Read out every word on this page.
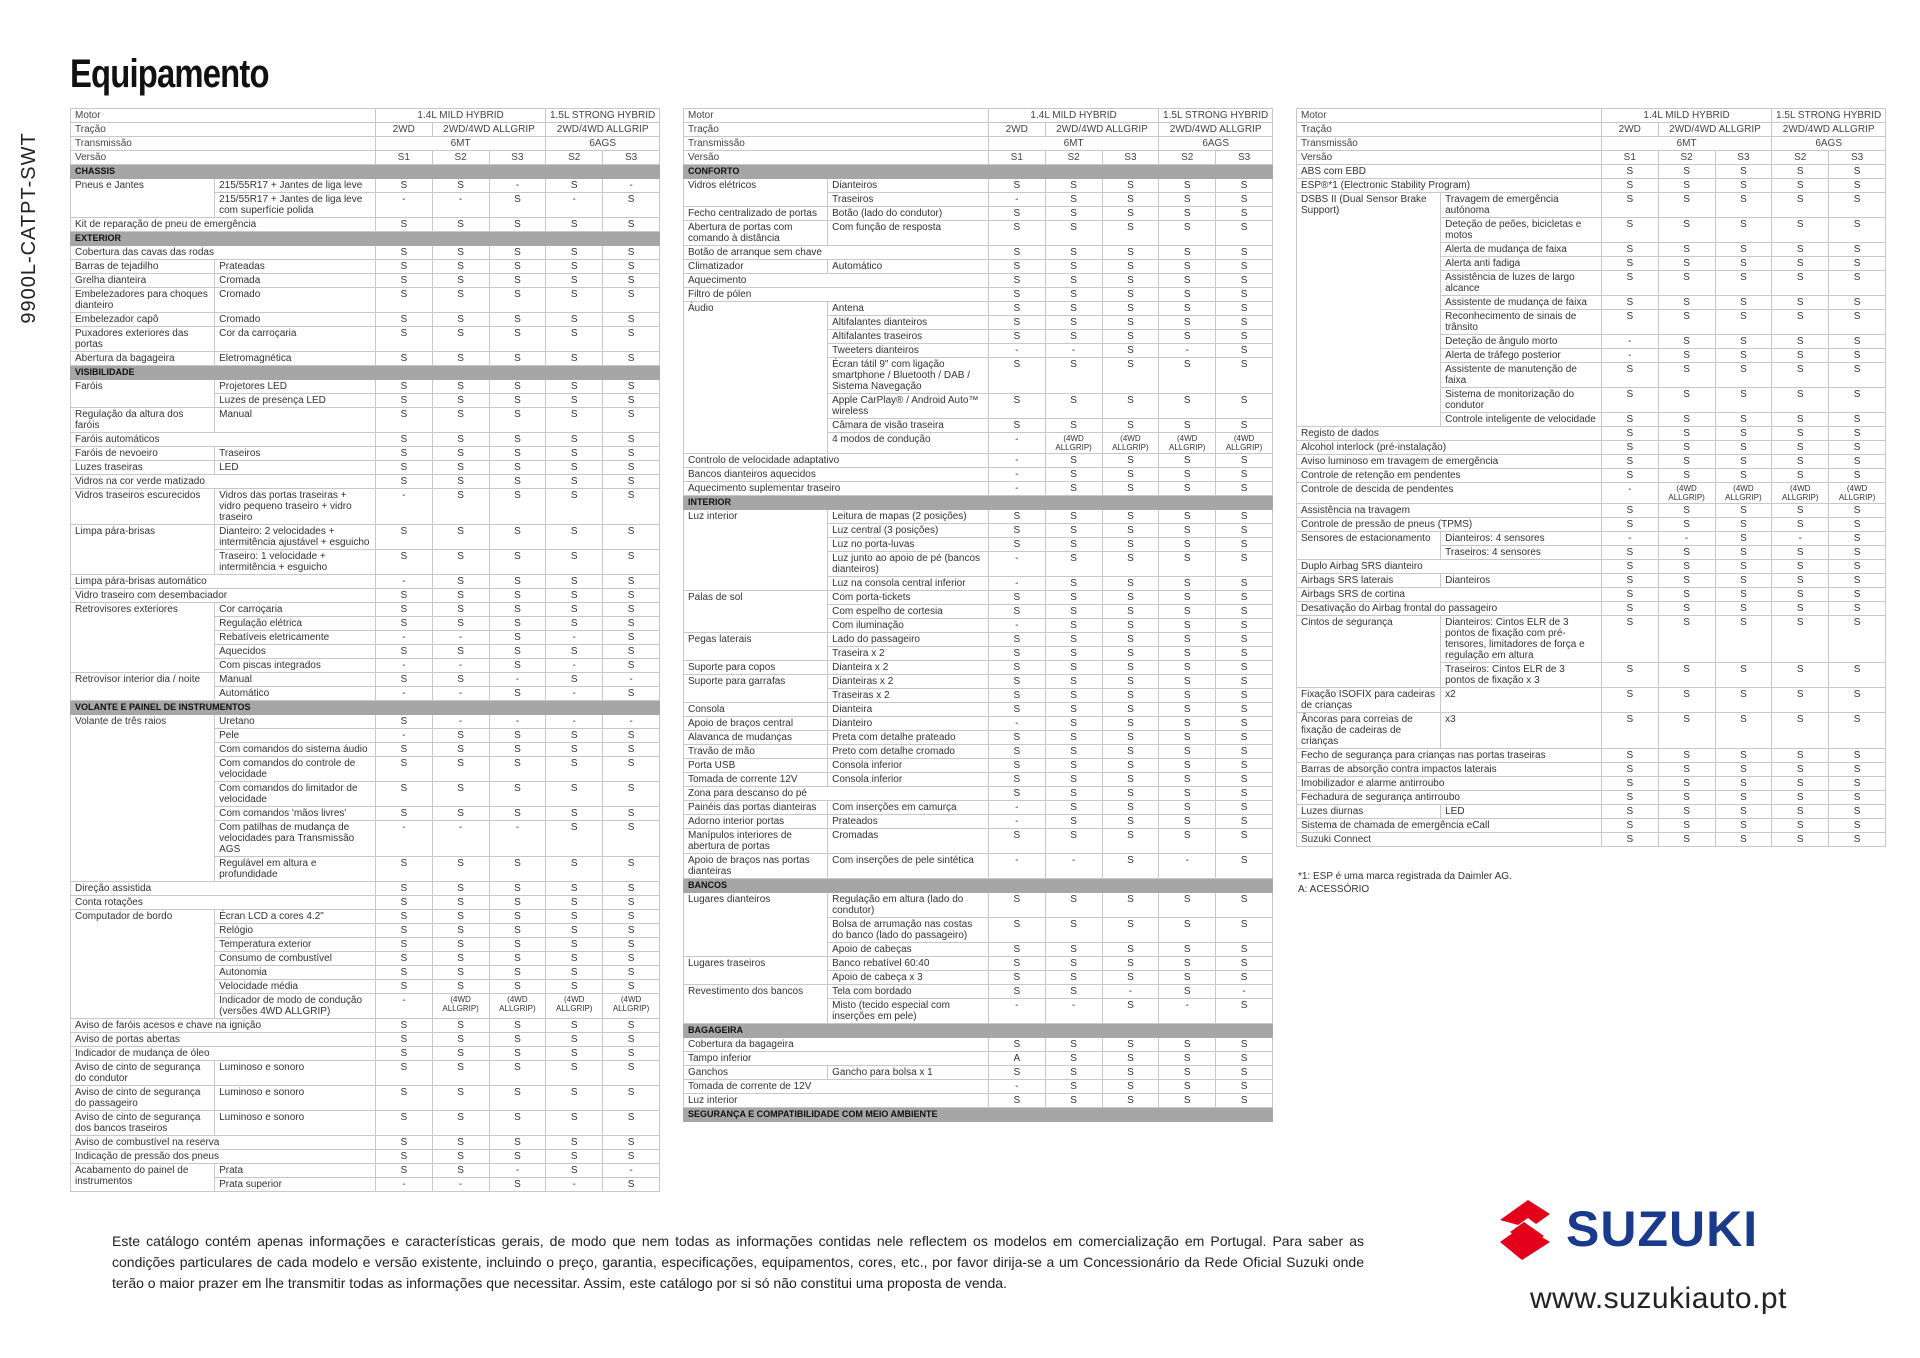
9900L-CATPT-SWT
Equipamento
Motor		1.4L MILD HYBRID			1.5L STRONG HYBRID	
Tração		2WD	2WD/4WD ALLGRIP		2WD/4WD ALLGRIP	
Transmissão		6MT			6AGS	
Versão		S1	S2	S3	S2	S3
CHASSIS						
Pneus e Jantes	215/55R17 + Jantes de liga leve	S	S	-	S	-
	215/55R17 + Jantes de liga leve com superfície polida	-	-	S	-	S
Kit de reparação de pneu de emergência		S	S	S	S	S
EXTERIOR						
Cobertura das cavas das rodas		S	S	S	S	S
Barras de tejadilho	Prateadas	S	S	S	S	S
Grelha dianteira	Cromada	S	S	S	S	S
Embelezadores para choques dianteiro	Cromado	S	S	S	S	S
Embelezador capô	Cromado	S	S	S	S	S
Puxadores exteriores das portas	Cor da carroçaria	S	S	S	S	S
Abertura da bagageira	Eletromagnética	S	S	S	S	S
VISIBILIDADE						
Faróis	Projetores LED	S	S	S	S	S
	Luzes de presença LED	S	S	S	S	S
Regulação da altura dos faróis	Manual	S	S	S	S	S
Faróis automáticos		S	S	S	S	S
Faróis de nevoeiro	Traseiros	S	S	S	S	S
Luzes traseiras	LED	S	S	S	S	S
Vidros na cor verde matizado		S	S	S	S	S
Vidros traseiros escurecidos	Vidros das portas traseiras + vidro pequeno traseiro + vidro traseiro	-	S	S	S	S
Limpa pára-brisas	Dianteiro: 2 velocidades + intermitência ajustável + esguicho	S	S	S	S	S
	Traseiro: 1 velocidade + intermitência + esguicho	S	S	S	S	S
Limpa pára-brisas automático		-	S	S	S	S
Vidro traseiro com desembaciador		S	S	S	S	S
Retrovisores exteriores	Cor carroçaria	S	S	S	S	S
	Regulação elétrica	S	S	S	S	S
	Rebatíveis eletricamente	-	-	S	-	S
	Aquecidos	S	S	S	S	S
	Com piscas integrados	-	-	S	-	S
Retrovisor interior dia / noite	Manual	S	S	-	S	-
	Automático	-	-	S	-	S
VOLANTE E PAINEL DE INSTRUMENTOS						
Volante de três raios	Uretano	S	-	-	-	-
	Pele	-	S	S	S	S
	Com comandos do sistema áudio	S	S	S	S	S
	Com comandos do controle de velocidade	S	S	S	S	S
	Com comandos do limitador de velocidade	S	S	S	S	S
	Com comandos 'mãos livres'	S	S	S	S	S
	Com patilhas de mudança de velocidades para Transmissão AGS	-	-	-	S	S
	Regulável em altura e profundidade	S	S	S	S	S
Direção assistida		S	S	S	S	S
Conta rotações		S	S	S	S	S
Computador de bordo	Écran LCD a cores 4.2"	S	S	S	S	S
	Relógio	S	S	S	S	S
	Temperatura exterior	S	S	S	S	S
	Consumo de combustível	S	S	S	S	S
	Autonomia	S	S	S	S	S
	Velocidade média	S	S	S	S	S
	Indicador de modo de condução (versões 4WD ALLGRIP)	-	(4WD ALLGRIP)	(4WD ALLGRIP)	(4WD ALLGRIP)	(4WD ALLGRIP)
Aviso de faróis acesos e chave na ignição		S	S	S	S	S
Aviso de portas abertas		S	S	S	S	S
Indicador de mudança de óleo		S	S	S	S	S
Aviso de cinto de segurança do condutor	Luminoso e sonoro	S	S	S	S	S
Aviso de cinto de segurança do passageiro	Luminoso e sonoro	S	S	S	S	S
Aviso de cinto de segurança dos bancos traseiros	Luminoso e sonoro	S	S	S	S	S
Aviso de combustível na reserva		S	S	S	S	S
Indicação de pressão dos pneus		S	S	S	S	S
Acabamento do painel de instrumentos	Prata	S	S	-	S	-
	Prata superior	-	-	S	-	S
Motor		1.4L MILD HYBRID			1.5L STRONG HYBRID	
Tração		2WD	2WD/4WD ALLGRIP		2WD/4WD ALLGRIP	
Transmissão		6MT			6AGS	
Versão		S1	S2	S3	S2	S3
CONFORTO						
Vidros elétricos	Dianteiros	S	S	S	S	S
	Traseiros	-	S	S	S	S
Fecho centralizado de portas	Botão (lado do condutor)	S	S	S	S	S
Abertura de portas com comando à distância	Com função de resposta	S	S	S	S	S
Botão de arranque sem chave		S	S	S	S	S
Climatizador	Automático	S	S	S	S	S
Aquecimento		S	S	S	S	S
Filtro de pólen		S	S	S	S	S
Áudio	Antena	S	S	S	S	S
	Altifalantes dianteiros	S	S	S	S	S
	Altifalantes traseiros	S	S	S	S	S
	Tweeters dianteiros	-	-	S	-	S
	Écran tátil 9" com ligação smartphone / Bluetooth / DAB / Sistema Navegação	S	S	S	S	S
	Apple CarPlay® / Android Auto™ wireless	S	S	S	S	S
	Câmara de visão traseira	S	S	S	S	S
	4 modos de condução	-	(4WD ALLGRIP)	(4WD ALLGRIP)	(4WD ALLGRIP)	(4WD ALLGRIP)
Controlo de velocidade adaptativo		-	S	S	S	S
Bancos dianteiros aquecidos		-	S	S	S	S
Aquecimento suplementar traseiro		-	S	S	S	S
INTERIOR						
Luz interior	Leitura de mapas (2 posições)	S	S	S	S	S
	Luz central (3 posições)	S	S	S	S	S
	Luz no porta-luvas	S	S	S	S	S
	Luz junto ao apoio de pé (bancos dianteiros)	-	S	S	S	S
	Luz na consola central inferior	-	S	S	S	S
Palas de sol	Com porta-tickets	S	S	S	S	S
	Com espelho de cortesia	S	S	S	S	S
	Com iluminação	-	S	S	S	S
Pegas laterais	Lado do passageiro	S	S	S	S	S
	Traseira x 2	S	S	S	S	S
Suporte para copos	Dianteira x 2	S	S	S	S	S
Suporte para garrafas	Dianteiras x 2	S	S	S	S	S
	Traseiras x 2	S	S	S	S	S
Consola	Dianteira	S	S	S	S	S
Apoio de braços central	Dianteiro	-	S	S	S	S
Alavanca de mudanças	Preta com detalhe prateado	S	S	S	S	S
Travão de mão	Preto com detalhe cromado	S	S	S	S	S
Porta USB	Consola inferior	S	S	S	S	S
Tomada de corrente 12V	Consola inferior	S	S	S	S	S
Zona para descanso do pé		S	S	S	S	S
Painéis das portas dianteiras	Com inserções em camurça	-	S	S	S	S
Adorno interior portas	Prateados	-	S	S	S	S
Manípulos interiores de abertura de portas	Cromadas	S	S	S	S	S
Apoio de braços nas portas dianteiras	Com inserções de pele sintética	-	-	S	-	S
BANCOS						
Lugares dianteiros	Regulação em altura (lado do condutor)	S	S	S	S	S
	Bolsa de arrumação nas costas do banco (lado do passageiro)	S	S	S	S	S
	Apoio de cabeças	S	S	S	S	S
Lugares traseiros	Banco rebatível 60:40	S	S	S	S	S
	Apoio de cabeça x 3	S	S	S	S	S
Revestimento dos bancos	Tela com bordado	S	S	-	S	-
	Misto (tecido especial com inserções em pele)	-	-	S	-	S
BAGAGEIRA						
Cobertura da bagageira		S	S	S	S	S
Tampo inferior		A	S	S	S	S
Ganchos	Gancho para bolsa x 1	S	S	S	S	S
Tomada de corrente de 12V		-	S	S	S	S
Luz interior		S	S	S	S	S
SEGURANÇA E COMPATIBILIDADE COM MEIO AMBIENTE						
Motor		1.4L MILD HYBRID			1.5L STRONG HYBRID	
Tração		2WD	2WD/4WD ALLGRIP		2WD/4WD ALLGRIP	
Transmissão		6MT			6AGS	
Versão		S1	S2	S3	S2	S3
ABS com EBD		S	S	S	S	S
ESP®*1 (Electronic Stability Program)		S	S	S	S	S
DSBS II (Dual Sensor Brake Support)	Travagem de emergência autónoma	S	S	S	S	S
	Deteção de peões, bicicletas e motos	S	S	S	S	S
	Alerta de mudança de faixa	S	S	S	S	S
	Alerta anti fadiga	S	S	S	S	S
	Assistência de luzes de largo alcance	S	S	S	S	S
	Assistente de mudança de faixa	S	S	S	S	S
	Reconhecimento de sinais de trânsito	S	S	S	S	S
	Deteção de ângulo morto	-	S	S	S	S
	Alerta de tráfego posterior	-	S	S	S	S
	Assistente de manutenção de faixa	S	S	S	S	S
	Sistema de monitorização do condutor	S	S	S	S	S
	Controle inteligente de velocidade	S	S	S	S	S
Registo de dados		S	S	S	S	S
Alcohol interlock (pré-instalação)		S	S	S	S	S
Aviso luminoso em travagem de emergência		S	S	S	S	S
Controle de retenção em pendentes		S	S	S	S	S
Controle de descida de pendentes		-	(4WD ALLGRIP)	(4WD ALLGRIP)	(4WD ALLGRIP)	(4WD ALLGRIP)
Assistência na travagem		S	S	S	S	S
Controle de pressão de pneus (TPMS)		S	S	S	S	S
Sensores de estacionamento	Dianteiros: 4 sensores	-	-	S	-	S
	Traseiros: 4 sensores	S	S	S	S	S
Duplo Airbag SRS dianteiro		S	S	S	S	S
Airbags SRS laterais	Dianteiros	S	S	S	S	S
Airbags SRS de cortina		S	S	S	S	S
Desativação do Airbag frontal do passageiro		S	S	S	S	S
Cintos de segurança	Dianteiros: Cintos ELR de 3 pontos de fixação com pré-tensores, limitadores de força e regulação em altura	S	S	S	S	S
	Traseiros: Cintos ELR de 3 pontos de fixação x 3	S	S	S	S	S
Fixação ISOFIX para cadeiras de crianças	x2	S	S	S	S	S
Âncoras para correias de fixação de cadeiras de crianças	x3	S	S	S	S	S
Fecho de segurança para crianças nas portas traseiras		S	S	S	S	S
Barras de absorção contra impactos laterais		S	S	S	S	S
Imobilizador e alarme antirroubo		S	S	S	S	S
Fechadura de segurança antirroubo		S	S	S	S	S
Luzes diurnas	LED	S	S	S	S	S
Sistema de chamada de emergência eCall		S	S	S	S	S
Suzuki Connect		S	S	S	S	S
*1: ESP é uma marca registrada da Daimler AG.
A: ACESSÓRIO
Este catálogo contém apenas informações e características gerais, de modo que nem todas as informações contidas nele reflectem os modelos em comercialização em Portugal. Para saber as condições particulares de cada modelo e versão existente, incluindo o preço, garantia, especificações, equipamentos, cores, etc., por favor dirija-se a um Concessionário da Rede Oficial Suzuki onde terão o maior prazer em lhe transmitir todas as informações que necessitar. Assim, este catálogo por si só não constitui uma proposta de venda.
SUZUKI
www.suzukiauto.pt
